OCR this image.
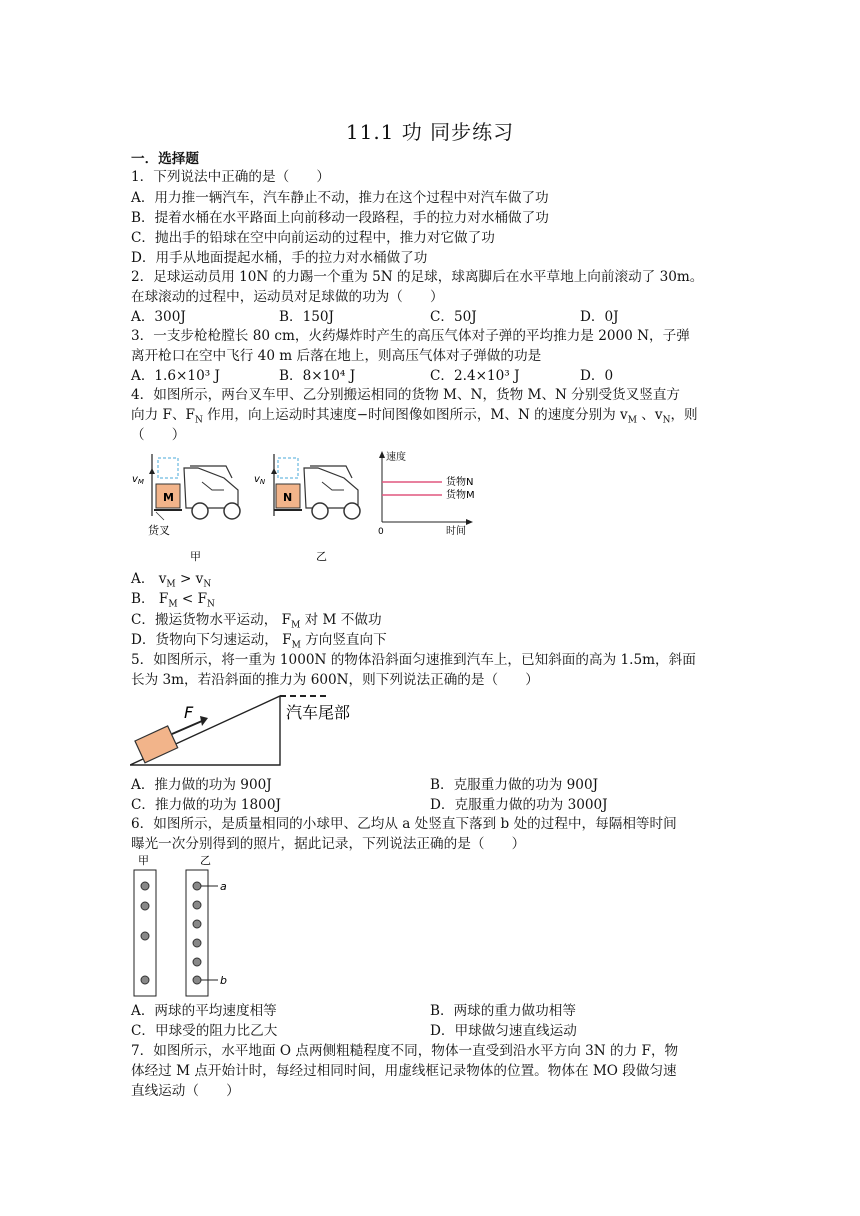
11.1 功 同步练习
一．选择题
1．下列说法中正确的是（　　）
A．用力推一辆汽车，汽车静止不动，推力在这个过程中对汽车做了功
B．提着水桶在水平路面上向前移动一段路程，手的拉力对水桶做了功
C．抛出手的铅球在空中向前运动的过程中，推力对它做了功
D．用手从地面提起水桶，手的拉力对水桶做了功
2．足球运动员用 10N 的力踢一个重为 5N 的足球，球离脚后在水平草地上向前滚动了 30m。
在球滚动的过程中，运动员对足球做的功为（　　）
A．300J	B．150J	C．50J	D．0J
3．一支步枪枪膛长 80 cm，火药爆炸时产生的高压气体对子弹的平均推力是 2000 N，子弹
离开枪口在空中飞行 40 m 后落在地上，则高压气体对子弹做的功是
A．1.6×10³ J	B．8×10⁴ J	C．2.4×10³ J	D．0
4．如图所示，两台叉车甲、乙分别搬运相同的货物 M、N，货物 M、N 分别受货叉竖直方
向力 F、$F_N$ 作用，向上运动时其速度−时间图像如图所示，M、N 的速度分别为 $v_M$ 、$v_N$，则
（　　）
$v_M$
M
货叉
$v_N$
N
速度
0	时间
货物N
货物M
甲	乙
A． $v_M > v_N$
B． $F_M < F_N$
C．搬运货物水平运动， $F_M$ 对 M 不做功
D．货物向下匀速运动， $F_M$ 方向竖直向下
5．如图所示，将一重为 1000N 的物体沿斜面匀速推到汽车上，已知斜面的高为 1.5m，斜面
长为 3m，若沿斜面的推力为 600N，则下列说法正确的是（　　）
F	汽车尾部
A．推力做的功为 900J	B．克服重力做的功为 900J
C．推力做的功为 1800J	D．克服重力做的功为 3000J
6．如图所示，是质量相同的小球甲、乙均从 a 处竖直下落到 b 处的过程中，每隔相等时间
曝光一次分别得到的照片，据此记录，下列说法正确的是（　　）
甲	乙
a
b
A．两球的平均速度相等	B．两球的重力做功相等
C．甲球受的阻力比乙大	D．甲球做匀速直线运动
7．如图所示，水平地面 O 点两侧粗糙程度不同，物体一直受到沿水平方向 3N 的力 F，物
体经过 M 点开始计时，每经过相同时间，用虚线框记录物体的位置。物体在 MO 段做匀速
直线运动（　　）
